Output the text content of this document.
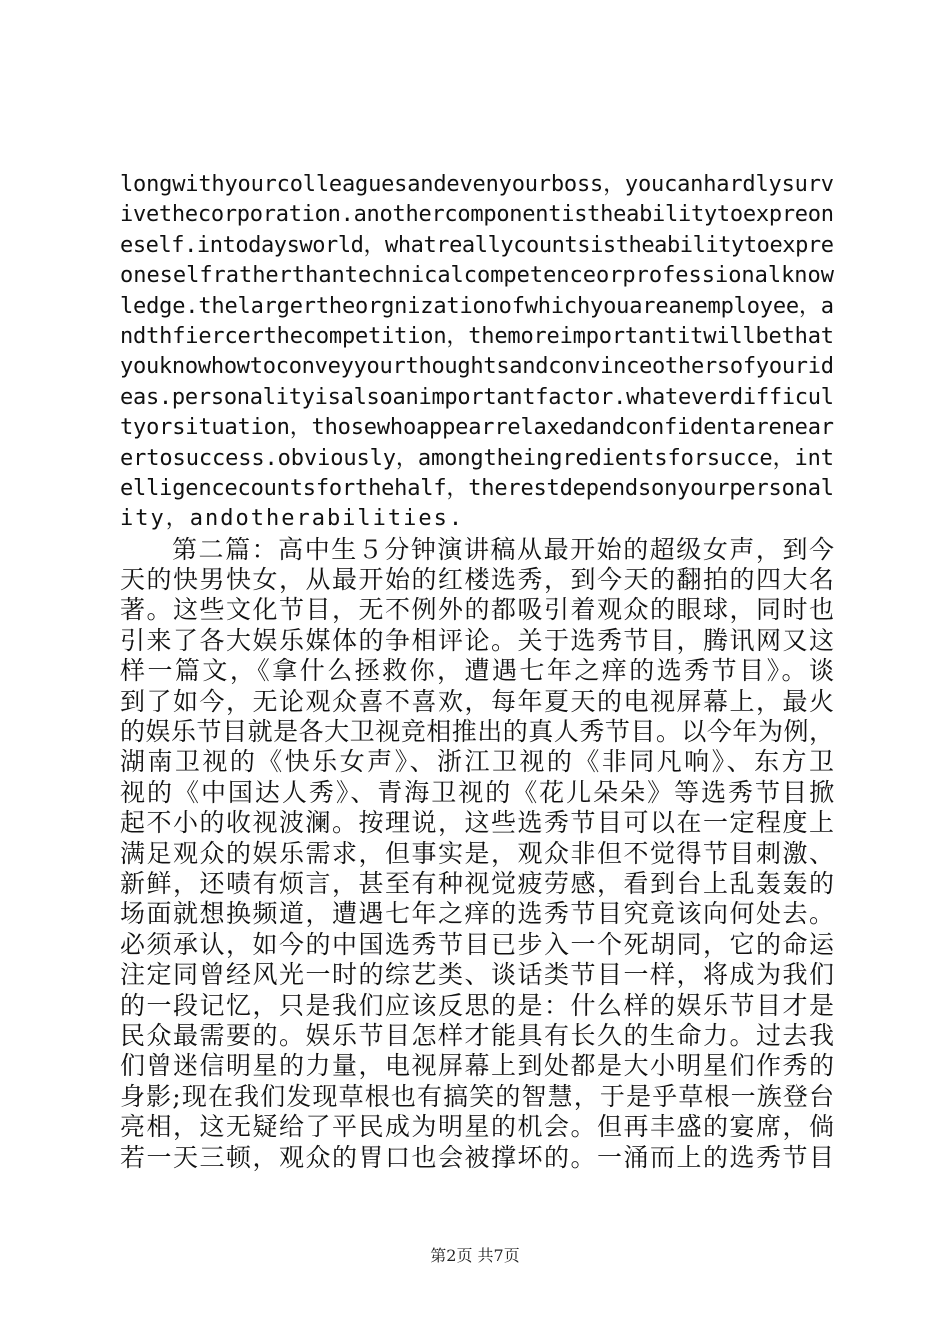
longwithyourcolleaguesandevenyourboss，youcanhardlysurv
ivethecorporation.anothercomponentistheabilitytoexpreon
eself.intodaysworld，whatreallycountsistheabilitytoexpre
oneselfratherthantechnicalcompetenceorprofessionalknow
ledge.thelargertheorgnizationofwhichyouareanemployee，a
ndthfiercerthecompetition，themoreimportantitwillbethat
youknowhowtoconveyyourthoughtsandconvinceothersofyourid
eas.personalityisalsoanimportantfactor.whateverdifficul
tyorsituation，thosewhoappearrelaxedandconfidentarenear
ertosuccess.obviously，amongtheingredientsforsucce，int
elligencecountsforthehalf，therestdependsonyourpersonal
ity，andotherabilities.
第二篇：高中生５分钟演讲稿从最开始的超级女声，到今
天的快男快女，从最开始的红楼选秀，到今天的翻拍的四大名
著。这些文化节目，无不例外的都吸引着观众的眼球，同时也
引来了各大娱乐媒体的争相评论。关于选秀节目，腾讯网又这
样一篇文，《拿什么拯救你，遭遇七年之痒的选秀节目》。谈
到了如今，无论观众喜不喜欢，每年夏天的电视屏幕上，最火
的娱乐节目就是各大卫视竞相推出的真人秀节目。以今年为例，
湖南卫视的《快乐女声》、浙江卫视的《非同凡响》、东方卫
视的《中国达人秀》、青海卫视的《花儿朵朵》等选秀节目掀
起不小的收视波澜。按理说，这些选秀节目可以在一定程度上
满足观众的娱乐需求，但事实是，观众非但不觉得节目刺激、
新鲜，还啧有烦言，甚至有种视觉疲劳感，看到台上乱轰轰的
场面就想换频道，遭遇七年之痒的选秀节目究竟该向何处去。
必须承认，如今的中国选秀节目已步入一个死胡同，它的命运
注定同曾经风光一时的综艺类、谈话类节目一样，将成为我们
的一段记忆，只是我们应该反思的是：什么样的娱乐节目才是
民众最需要的。娱乐节目怎样才能具有长久的生命力。过去我
们曾迷信明星的力量，电视屏幕上到处都是大小明星们作秀的
身影;现在我们发现草根也有搞笑的智慧，于是乎草根一族登台
亮相，这无疑给了平民成为明星的机会。但再丰盛的宴席，倘
若一天三顿，观众的胃口也会被撑坏的。一涌而上的选秀节目
第2页 共7页
